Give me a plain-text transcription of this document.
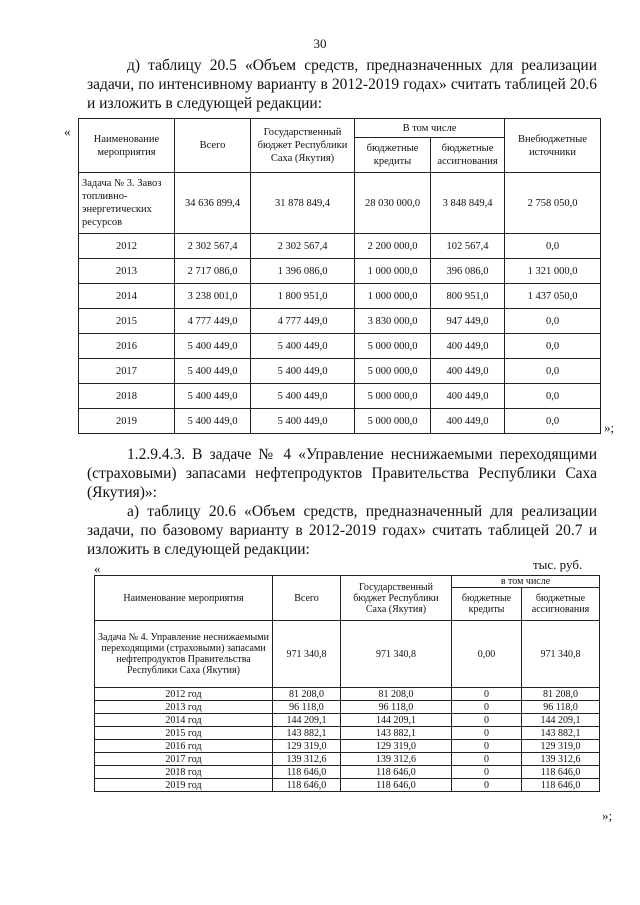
30

д) таблицу 20.5 «Объем средств, предназначенных для реализации задачи, по интенсивному варианту в 2012-2019 годах» считать таблицей 20.6 и изложить в следующей редакции:

« Наименование мероприятия	Всего	Государственный бюджет Республики Саха (Якутия)	В том числе		Внебюджетные источники
			бюджетные кредиты	бюджетные ассигнования	
Задача № 3. Завоз топливно-энергетических ресурсов	34 636 899,4	31 878 849,4	28 030 000,0	3 848 849,4	2 758 050,0
2012	2 302 567,4	2 302 567,4	2 200 000,0	102 567,4	0,0
2013	2 717 086,0	1 396 086,0	1 000 000,0	396 086,0	1 321 000,0
2014	3 238 001,0	1 800 951,0	1 000 000,0	800 951,0	1 437 050,0
2015	4 777 449,0	4 777 449,0	3 830 000,0	947 449,0	0,0
2016	5 400 449,0	5 400 449,0	5 000 000,0	400 449,0	0,0
2017	5 400 449,0	5 400 449,0	5 000 000,0	400 449,0	0,0
2018	5 400 449,0	5 400 449,0	5 000 000,0	400 449,0	0,0
2019	5 400 449,0	5 400 449,0	5 000 000,0	400 449,0	0,0	»;

1.2.9.4.3. В задаче № 4 «Управление неснижаемыми переходящими (страховыми) запасами нефтепродуктов Правительства Республики Саха (Якутия)»:

а) таблицу 20.6 «Объем средств, предназначенный для реализации задачи, по базовому варианту в 2012-2019 годах» считать таблицей 20.7 и изложить в следующей редакции:

«	тыс. руб.
Наименование мероприятия	Всего	Государственный бюджет Республики Саха (Якутия)	в том числе	
			бюджетные кредиты	бюджетные ассигнования
Задача № 4. Управление неснижаемыми переходящими (страховыми) запасами нефтепродуктов Правительства Республики Саха (Якутия)	971 340,8	971 340,8	0,00	971 340,8
2012 год	81 208,0	81 208,0	0	81 208,0
2013 год	96 118,0	96 118,0	0	96 118,0
2014 год	144 209,1	144 209,1	0	144 209,1
2015 год	143 882,1	143 882,1	0	143 882,1
2016 год	129 319,0	129 319,0	0	129 319,0
2017 год	139 312,6	139 312,6	0	139 312,6
2018 год	118 646,0	118 646,0	0	118 646,0
2019 год	118 646,0	118 646,0	0	118 646,0
»;
